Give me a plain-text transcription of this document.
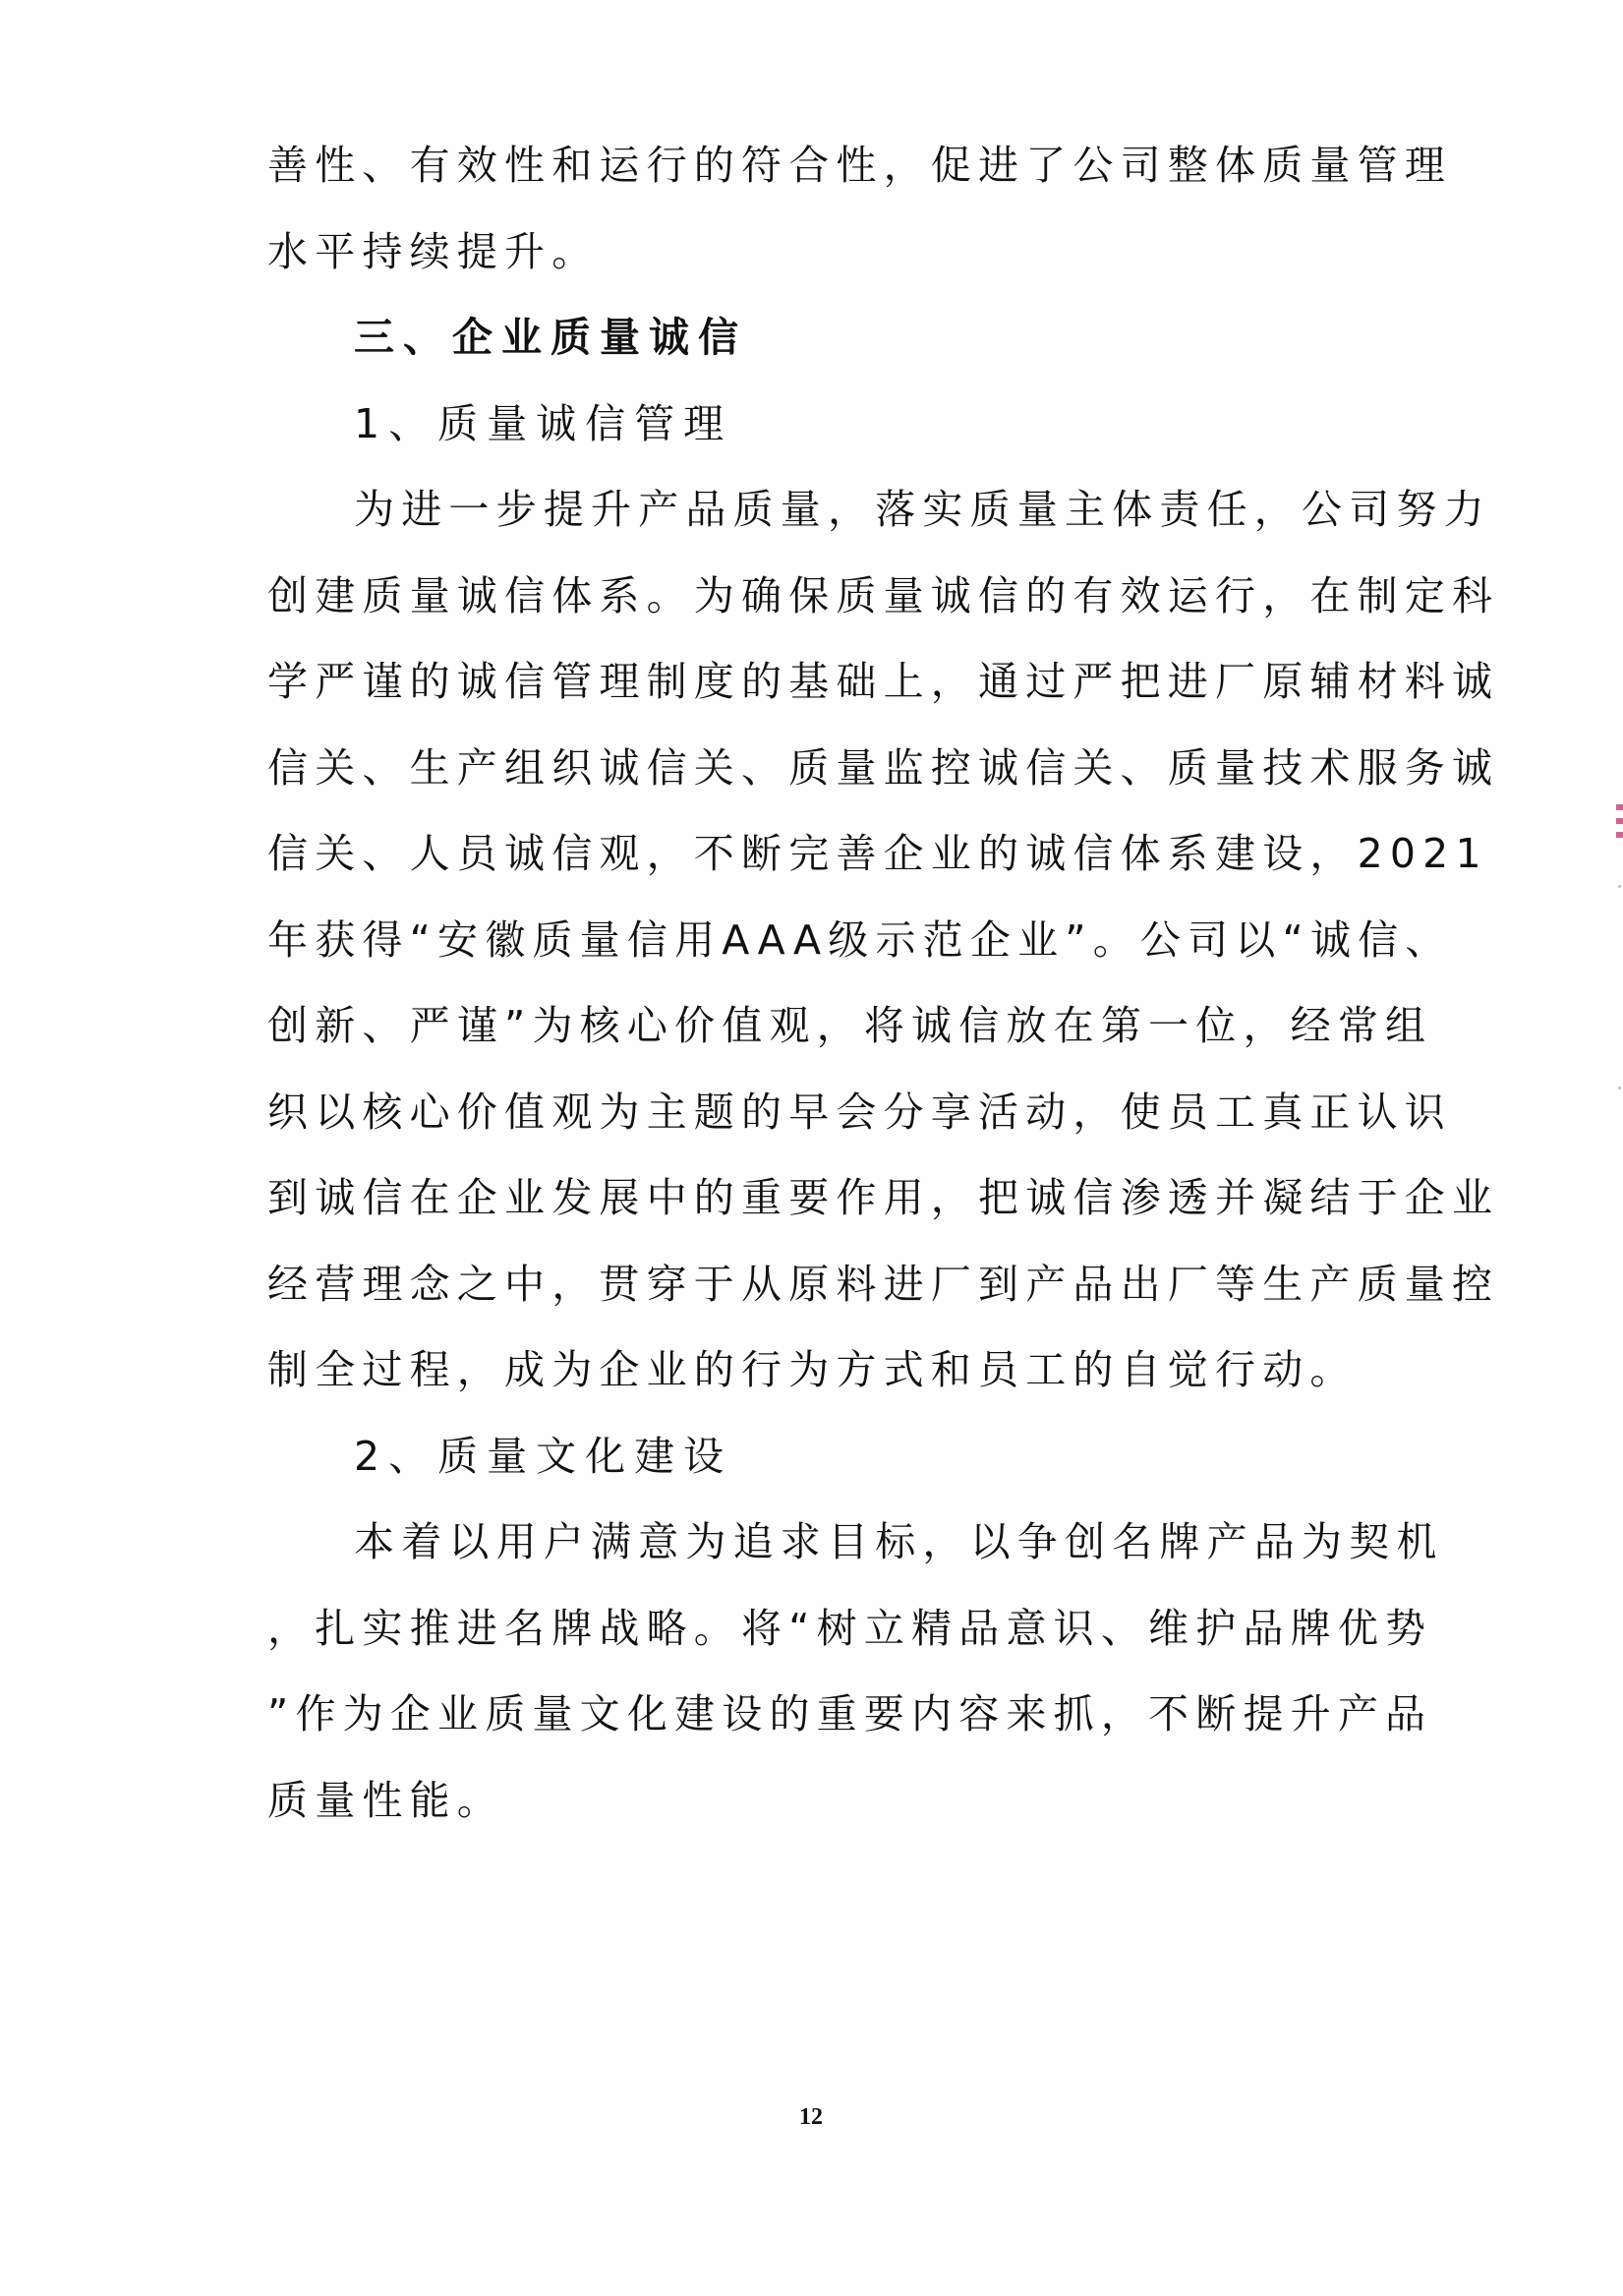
善性、有效性和运行的符合性，促进了公司整体质量管理
水平持续提升。
三、企业质量诚信
1、质量诚信管理
为进一步提升产品质量，落实质量主体责任，公司努力
创建质量诚信体系。为确保质量诚信的有效运行，在制定科
学严谨的诚信管理制度的基础上，通过严把进厂原辅材料诚
信关、生产组织诚信关、质量监控诚信关、质量技术服务诚
信关、人员诚信观，不断完善企业的诚信体系建设，2021
年获得“安徽质量信用AAA级示范企业”。公司以“诚信、
创新、严谨”为核心价值观，将诚信放在第一位，经常组
织以核心价值观为主题的早会分享活动，使员工真正认识
到诚信在企业发展中的重要作用，把诚信渗透并凝结于企业
经营理念之中，贯穿于从原料进厂到产品出厂等生产质量控
制全过程，成为企业的行为方式和员工的自觉行动。
2、质量文化建设
本着以用户满意为追求目标，以争创名牌产品为契机
，扎实推进名牌战略。将“树立精品意识、维护品牌优势
”作为企业质量文化建设的重要内容来抓，不断提升产品
质量性能。
12
